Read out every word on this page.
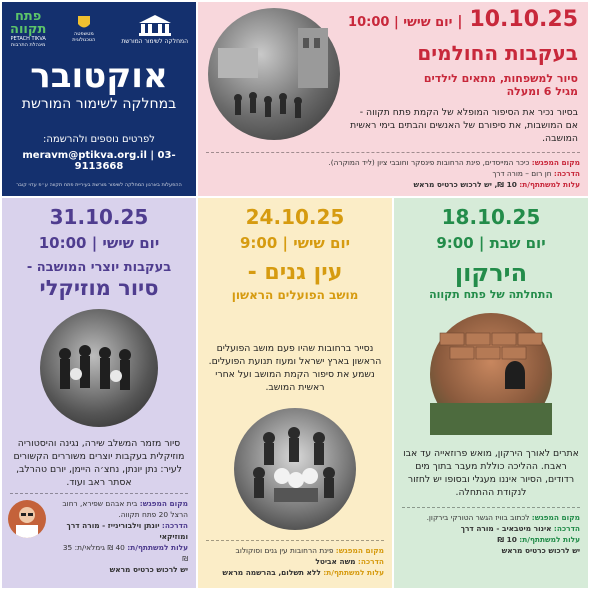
המחלקה לשימור המורשת
מטשפטה
הטכנולוגית
פתח
תקווה
PETACH TIKVA
מינהלת התרבות
אוקטובר
במחלקה לשימור המורשת
לפרטים נוספים ולהרשמה:
meravm@ptikva.org.il | 03-9113668
ההפעלות בארגון המחלקה לשימור מורשת בעיריית פתח תקווה ע״פ עדוי קובר
10.10.25 | יום שישי | 10:00
בעקבות החולמים
סיור למשפחות, מתאים לילדים
מגיל 6 ומעלה
בסיור נכיר את הסיפור המופלא של הקמת פתח תקווה - אם המושבות, את סיפורם של האנשים והבתים בימי ראשית המושבה.
מקום המפגש: כיכר המייסדים, פינת הרחובות פינסקר וחובבי ציון (ליד המוקרה).
הדרכה: חן רום – מורה דרך
עלות למשתתף/ת: 10 ₪, יש לרכוש כרטיס מראש
31.10.25
יום שישי | 10:00
בעקבות יוצרי המושבה -
סיור מוזיקלי
סיור מזמר המשלב שירה, נגינה והיסטוריה מוזיקלית בעקבות יוצרים משוררים הקשורים לעיר: נתן יונתן, נחצ׳ה היימן, יורם טהרלב, אסתר ראב ועוד.
מקום המפגש: בית אבהם שפירא, רחוב הרצל 20 פתח תקווה.
הדרכה: יונתן וילבורינייז - מורה דרך ומוזיקאי
עלות למשתתף/ת: 40 ₪ גימלאי/ת: 35 ₪
יש לרכוש כרטיס מראש
24.10.25
יום שישי | 9:00
עין גנים -
מושב הפועלים הראשון
נסייר ברחובות שהיו פעם מושב הפועלים הראשון בארץ ישראל ומעוז תנועת הפועלים. נשמע את סיפור הקמת המושב ועל אחרי ראשית המושב.
מקום המפגש: פינת הרחובות עין גנים וסוקולוב
הדרכה: משה אביטל
עלות למשתתף/ת: ללא תשלום, בהרשמה מראש
18.10.25
יום שבת | 9:00
הירקון
התחלתה של פתח תקווה
אתרים לאורך הירקון, מואש פרוזאייה עד אבו ראבח. ההליכה כוללת מעבר בתוך מים רדודים, הסיור איננו מעגלי ובסופו יש לחזור לנקודת ההתחלה.
מקום המפגש: לכתוב בוויז הגשר הטורקי בירקון.
הדרכה: אינור מיטבאיב - מורה דרך
עלות למשתתף/ת: 10 ₪
יש לרכוש כרטיס מראש
